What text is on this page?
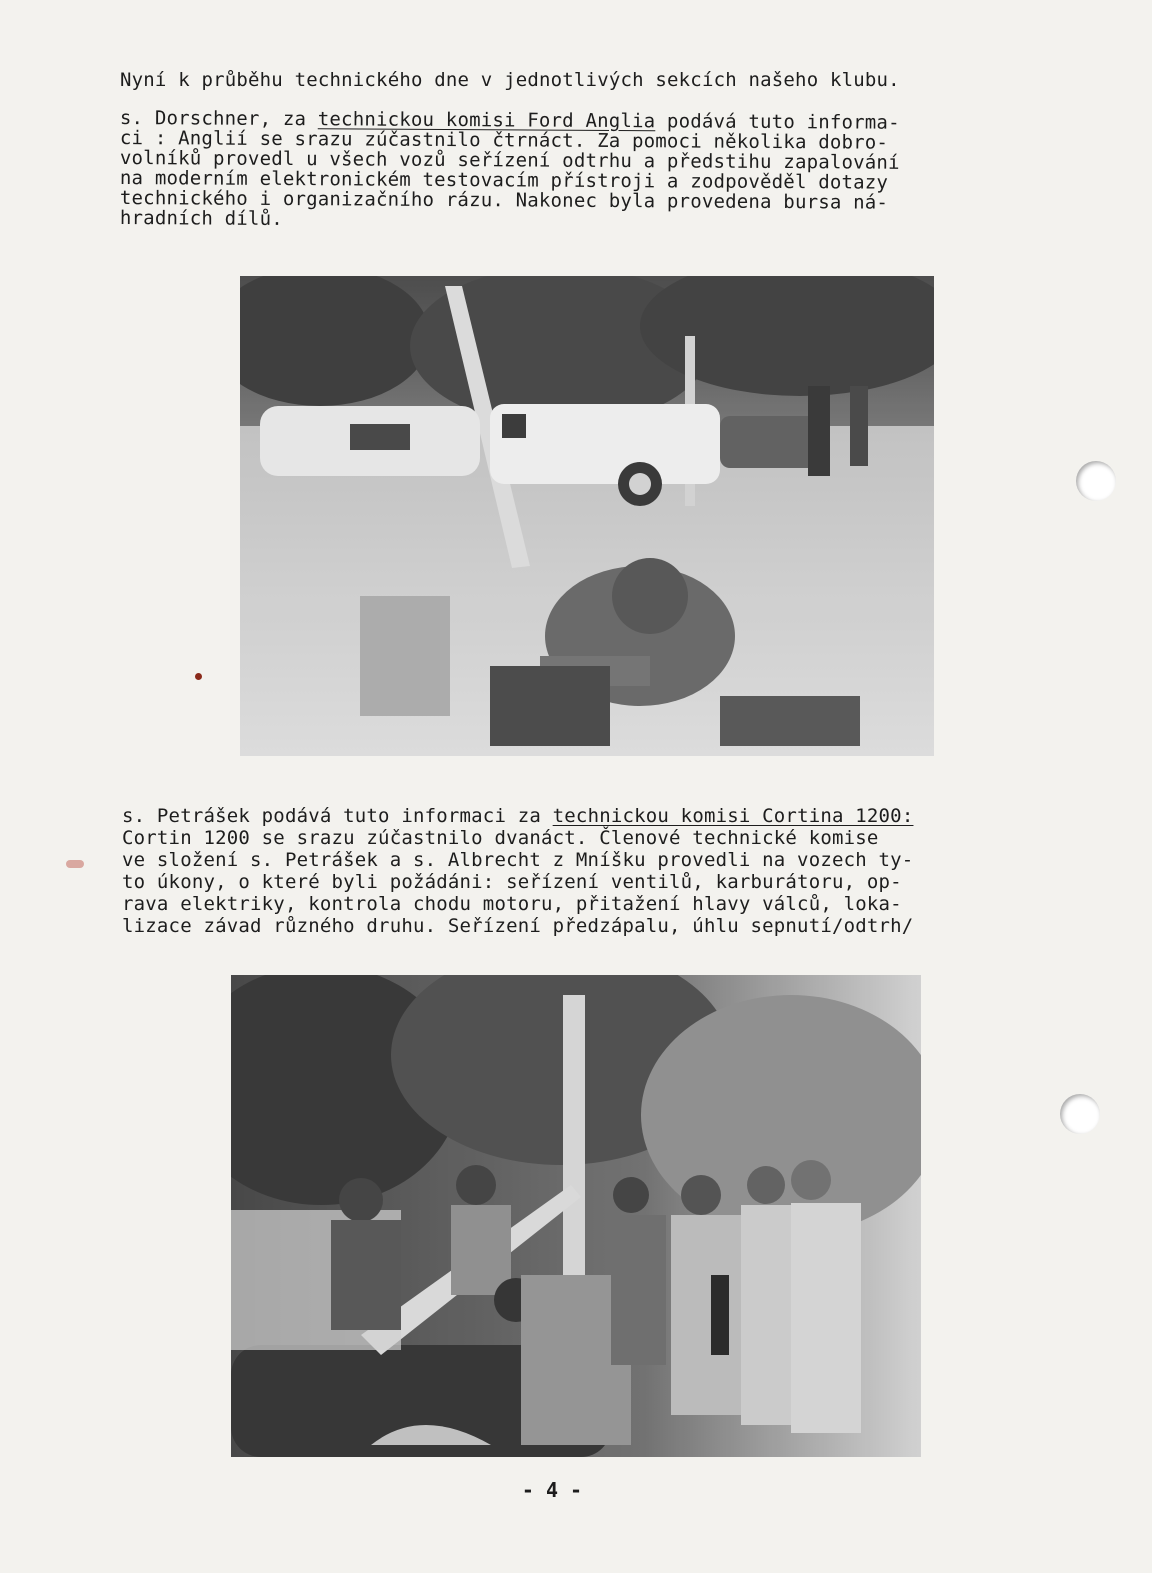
Nyní k průběhu technického dne v jednotlivých sekcích našeho klubu.
s. Dorschner, za technickou komisi Ford Anglia podává tuto informa-
ci : Anglií se srazu zúčastnilo čtrnáct. Za pomoci několika dobro-
volníků provedl u všech vozů seřízení odtrhu a předstihu zapalování
na moderním elektronickém testovacím přístroji a zodpověděl dotazy
technického i organizačního rázu. Nakonec byla provedena bursa ná-
hradních dílů.
s. Petrášek podává tuto informaci za technickou komisi Cortina 1200:
Cortin 1200 se srazu zúčastnilo dvanáct. Členové technické komise
ve složení s. Petrášek a s. Albrecht z Mníšku provedli na vozech ty-
to úkony, o které byli požádáni: seřízení ventilů, karburátoru, op-
rava elektriky, kontrola chodu motoru, přitažení hlavy válců, loka-
lizace závad různého druhu. Seřízení předzápalu, úhlu sepnutí/odtrh/
- 4 -
